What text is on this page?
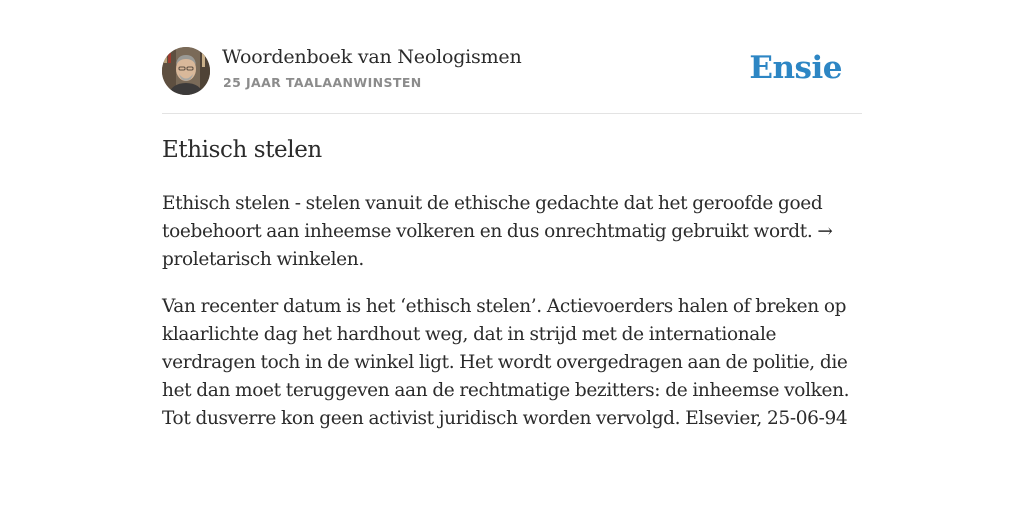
Woordenboek van Neologismen
25 JAAR TAALAANWINSTEN	Ensie
Ethisch stelen

Ethisch stelen - stelen vanuit de ethische gedachte dat het geroofde goed toebehoort aan inheemse volkeren en dus onrechtmatig gebruikt wordt. → proletarisch winkelen.

Van recenter datum is het ‘ethisch stelen’. Actievoerders halen of breken op klaarlichte dag het hardhout weg, dat in strijd met de internationale verdragen toch in de winkel ligt. Het wordt overgedragen aan de politie, die het dan moet teruggeven aan de rechtmatige bezitters: de inheemse volken. Tot dusverre kon geen activist juridisch worden vervolgd. Elsevier, 25-06-94
